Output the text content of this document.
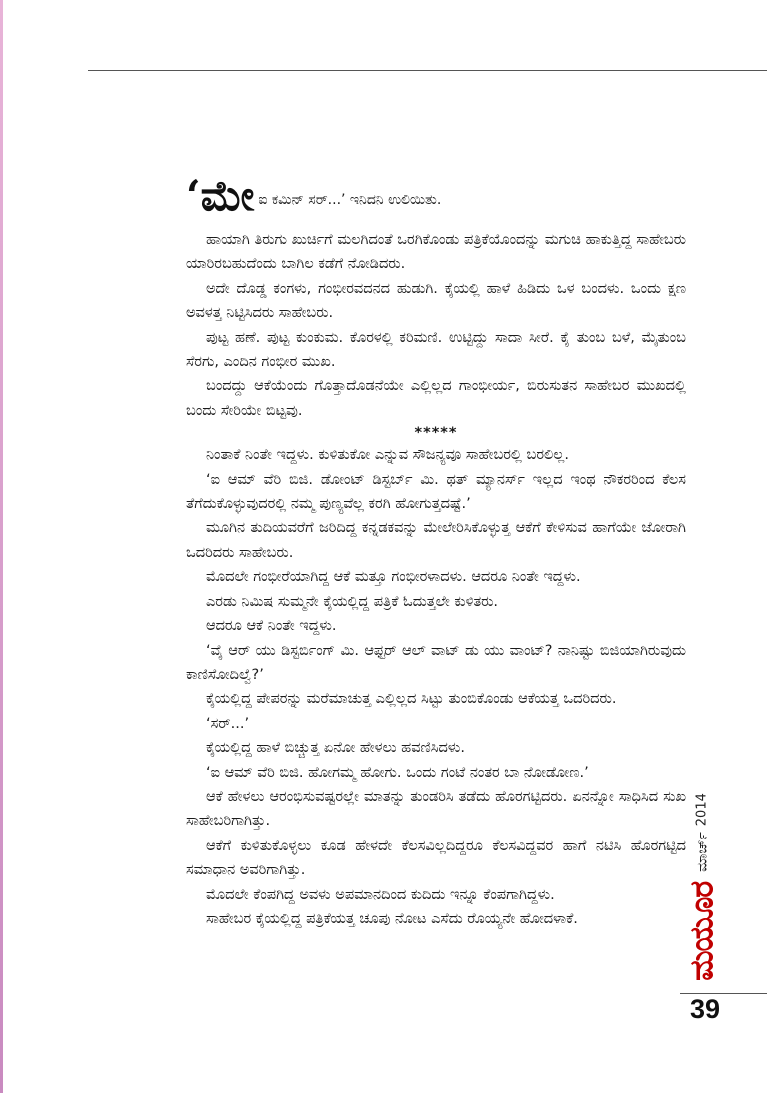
‘ಮೇ ಐ ಕಮಿನ್ ಸರ್...’ ಇನಿದನಿ ಉಲಿಯಿತು.

ಹಾಯಾಗಿ ತಿರುಗು ಖುರ್ಚಿಗೆ ಮಲಗಿದಂತೆ ಒರಗಿಕೊಂಡು ಪತ್ರಿಕೆಯೊಂದನ್ನು ಮಗುಚಿ ಹಾಕುತ್ತಿದ್ದ ಸಾಹೇಬರು ಯಾರಿರಬಹುದೆಂದು ಬಾಗಿಲ ಕಡೆಗೆ ನೋಡಿದರು.

ಅದೇ ದೊಡ್ಡ ಕಂಗಳು, ಗಂಭೀರವದನದ ಹುಡುಗಿ. ಕೈಯಲ್ಲಿ ಹಾಳೆ ಹಿಡಿದು ಒಳ ಬಂದಳು. ಒಂದು ಕ್ಷಣ ಅವಳತ್ತ ನಿಟ್ಟಿಸಿದರು ಸಾಹೇಬರು.

ಪುಟ್ಟ ಹಣೆ. ಪುಟ್ಟ ಕುಂಕುಮ. ಕೊರಳಲ್ಲಿ ಕರಿಮಣಿ. ಉಟ್ಟಿದ್ದು ಸಾದಾ ಸೀರೆ. ಕೈ ತುಂಬ ಬಳೆ, ಮೈತುಂಬ ಸೆರಗು, ಎಂದಿನ ಗಂಭೀರ ಮುಖ.

ಬಂದದ್ದು ಆಕೆಯೆಂದು ಗೊತ್ತಾದೊಡನೆಯೇ ಎಲ್ಲಿಲ್ಲದ ಗಾಂಭೀರ್ಯ, ಬಿರುಸುತನ ಸಾಹೇಬರ ಮುಖದಲ್ಲಿ ಬಂದು ಸೇರಿಯೇ ಬಿಟ್ಟವು.

*****

ನಿಂತಾಕೆ ನಿಂತೇ ಇದ್ದಳು. ಕುಳಿತುಕೋ ಎನ್ನುವ ಸೌಜನ್ಯವೂ ಸಾಹೇಬರಲ್ಲಿ ಬರಲಿಲ್ಲ.

‘ಐ ಆಮ್ ವೆರಿ ಬಿಜಿ. ಡೋಂಟ್ ಡಿಸ್ಟರ್ಬ್ ಮಿ. ಥತ್ ಮ್ಯಾನರ್ಸ್ ಇಲ್ಲದ ಇಂಥ ನೌಕರರಿಂದ ಕೆಲಸ ತೆಗೆದುಕೊಳ್ಳುವುದರಲ್ಲಿ ನಮ್ಮ ಪುಣ್ಯವೆಲ್ಲ ಕರಗಿ ಹೋಗುತ್ತದಷ್ಟೆ.’

ಮೂಗಿನ ತುದಿಯವರೆಗೆ ಜರಿದಿದ್ದ ಕನ್ನಡಕವನ್ನು ಮೇಲೇರಿಸಿಕೊಳ್ಳುತ್ತ ಆಕೆಗೆ ಕೇಳಿಸುವ ಹಾಗೆಯೇ ಜೋರಾಗಿ ಒದರಿದರು ಸಾಹೇಬರು.

ಮೊದಲೇ ಗಂಭೀರೆಯಾಗಿದ್ದ ಆಕೆ ಮತ್ತೂ ಗಂಭೀರಳಾದಳು. ಆದರೂ ನಿಂತೇ ಇದ್ದಳು.

ಎರಡು ನಿಮಿಷ ಸುಮ್ಮನೇ ಕೈಯಲ್ಲಿದ್ದ ಪತ್ರಿಕೆ ಓದುತ್ತಲೇ ಕುಳಿತರು.

ಆದರೂ ಆಕೆ ನಿಂತೇ ಇದ್ದಳು.

‘ವೈ ಆರ್ ಯು ಡಿಸ್ಟರ್ಬಿಂಗ್ ಮಿ. ಆಫ್ಟರ್ ಆಲ್ ವಾಟ್ ಡು ಯು ವಾಂಟ್? ನಾನಿಷ್ಟು ಬಿಜಿಯಾಗಿರುವುದು ಕಾಣಿಸೋದಿಲ್ವೆ?’

ಕೈಯಲ್ಲಿದ್ದ ಪೇಪರನ್ನು ಮರೆಮಾಚುತ್ತ ಎಲ್ಲಿಲ್ಲದ ಸಿಟ್ಟು ತುಂಬಿಕೊಂಡು ಆಕೆಯತ್ತ ಒದರಿದರು.

‘ಸರ್...’

ಕೈಯಲ್ಲಿದ್ದ ಹಾಳೆ ಬಿಚ್ಚುತ್ತ ಏನೋ ಹೇಳಲು ಹವಣಿಸಿದಳು.

‘ಐ ಆಮ್ ವೆರಿ ಬಿಜಿ. ಹೋಗಮ್ಮ ಹೋಗು. ಒಂದು ಗಂಟೆ ನಂತರ ಬಾ ನೋಡೋಣ.’

ಆಕೆ ಹೇಳಲು ಆರಂಭಿಸುವಷ್ಟರಲ್ಲೇ ಮಾತನ್ನು ತುಂಡರಿಸಿ ತಡೆದು ಹೊರಗಟ್ಟಿದರು. ಏನನ್ನೋ ಸಾಧಿಸಿದ ಸುಖ ಸಾಹೇಬರಿಗಾಗಿತ್ತು.

ಆಕೆಗೆ ಕುಳಿತುಕೊಳ್ಳಲು ಕೂಡ ಹೇಳದೇ ಕೆಲಸವಿಲ್ಲದಿದ್ದರೂ ಕೆಲಸವಿದ್ದವರ ಹಾಗೆ ನಟಿಸಿ ಹೊರಗಟ್ಟಿದ ಸಮಾಧಾನ ಅವರಿಗಾಗಿತ್ತು.

ಮೊದಲೇ ಕೆಂಪಗಿದ್ದ ಅವಳು ಅಪಮಾನದಿಂದ ಕುದಿದು ಇನ್ನೂ ಕೆಂಪಗಾಗಿದ್ದಳು.

ಸಾಹೇಬರ ಕೈಯಲ್ಲಿದ್ದ ಪತ್ರಿಕೆಯತ್ತ ಚೂಪು ನೋಟ ಎಸೆದು ರೊಯ್ಯನೇ ಹೋದಳಾಕೆ.	ಮಯೂರ
ಮಾರ್ಚ್
2014
39
